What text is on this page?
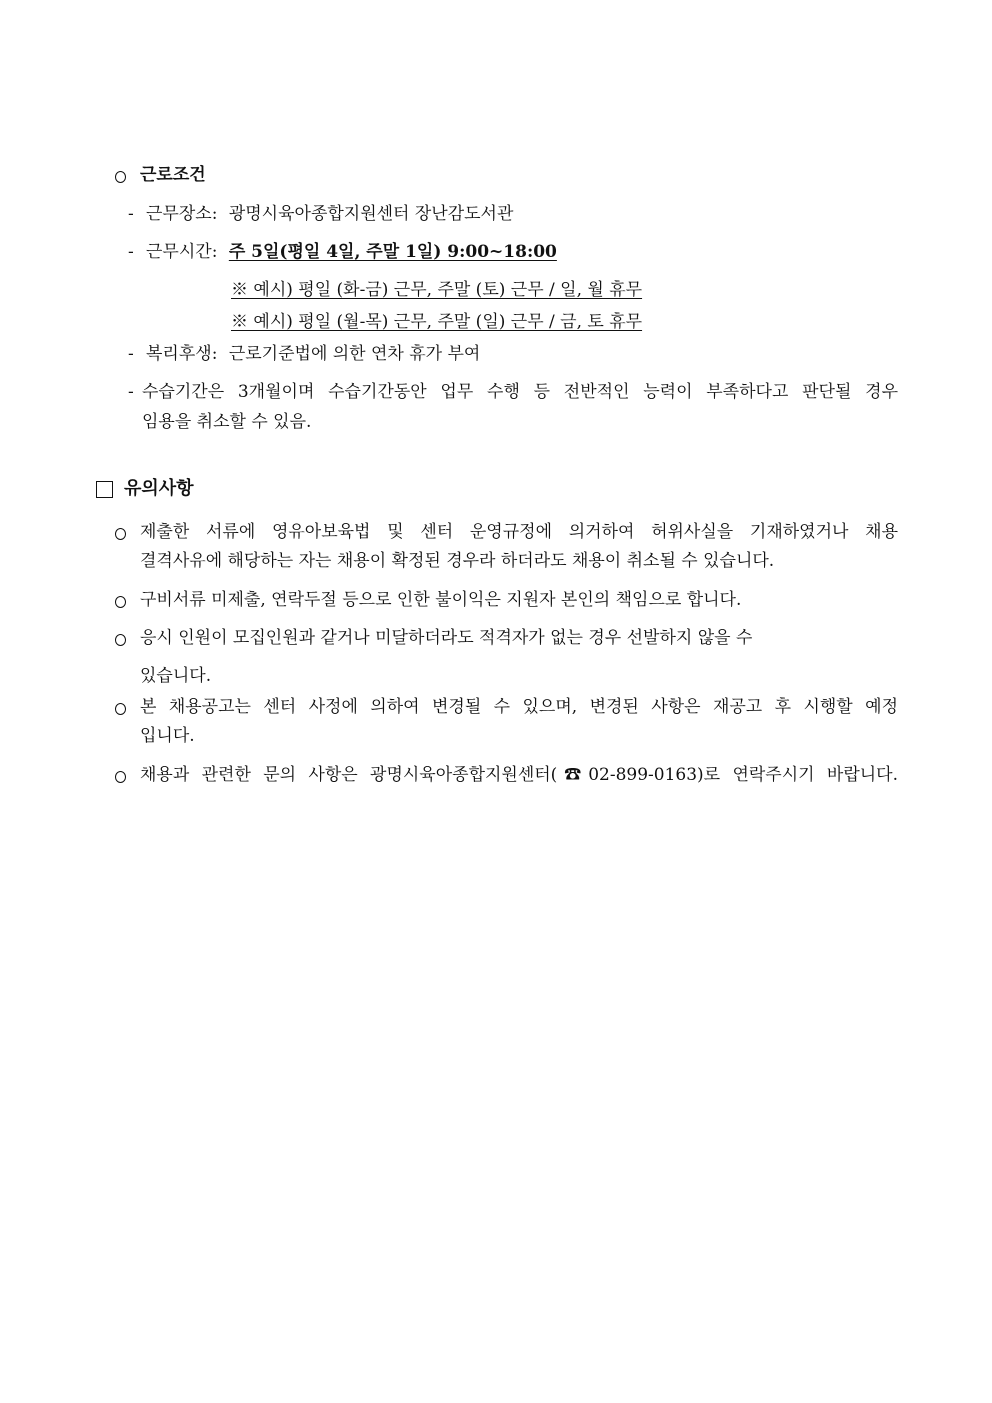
근로조건
- 근무장소: 광명시육아종합지원센터 장난감도서관
- 근무시간: 주 5일(평일 4일, 주말 1일) 9:00~18:00
※ 예시) 평일 (화-금) 근무, 주말 (토) 근무 / 일, 월 휴무
※ 예시) 평일 (월-목) 근무, 주말 (일) 근무 / 금, 토 휴무
- 복리후생: 근로기준법에 의한 연차 휴가 부여
- 수습기간은 3개월이며 수습기간동안 업무 수행 등 전반적인 능력이 부족하다고 판단될 경우
임용을 취소할 수 있음.
유의사항
제출한 서류에 영유아보육법 및 센터 운영규정에 의거하여 허위사실을 기재하였거나 채용
결격사유에 해당하는 자는 채용이 확정된 경우라 하더라도 채용이 취소될 수 있습니다.
구비서류 미제출, 연락두절 등으로 인한 불이익은 지원자 본인의 책임으로 합니다.
응시 인원이 모집인원과 같거나 미달하더라도 적격자가 없는 경우 선발하지 않을 수
있습니다.
본 채용공고는 센터 사정에 의하여 변경될 수 있으며, 변경된 사항은 재공고 후 시행할 예정
입니다.
채용과 관련한 문의 사항은 광명시육아종합지원센터(☎02-899-0163)로 연락주시기 바랍니다.
